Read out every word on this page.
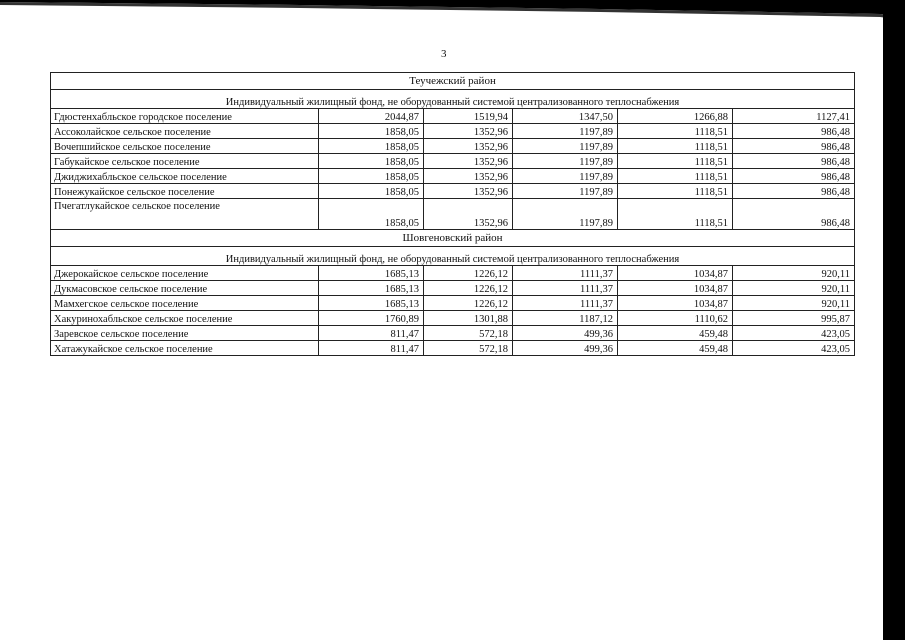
3
Теучежский район					
Индивидуальный жилищный фонд, не оборудованный системой централизованного теплоснабжения					
Гдюстенхабльское городское поселение	2044,87	1519,94	1347,50	1266,88	1127,41
Ассоколайское сельское поселение	1858,05	1352,96	1197,89	1118,51	986,48
Вочепшийское сельское поселение	1858,05	1352,96	1197,89	1118,51	986,48
Габукайское сельское поселение	1858,05	1352,96	1197,89	1118,51	986,48
Джиджихабльское сельское поселение	1858,05	1352,96	1197,89	1118,51	986,48
Понежукайское сельское поселение	1858,05	1352,96	1197,89	1118,51	986,48
Пчегатлукайское сельское поселение	1858,05	1352,96	1197,89	1118,51	986,48
Шовгеновский район					
Индивидуальный жилищный фонд, не оборудованный системой централизованного теплоснабжения					
Джерокайское сельское поселение	1685,13	1226,12	1111,37	1034,87	920,11
Дукмасовское сельское поселение	1685,13	1226,12	1111,37	1034,87	920,11
Мамхегское сельское поселение	1685,13	1226,12	1111,37	1034,87	920,11
Хакуринохабльское сельское поселение	1760,89	1301,88	1187,12	1110,62	995,87
Заревское сельское поселение	811,47	572,18	499,36	459,48	423,05
Хатажукайское сельское поселение	811,47	572,18	499,36	459,48	423,05
